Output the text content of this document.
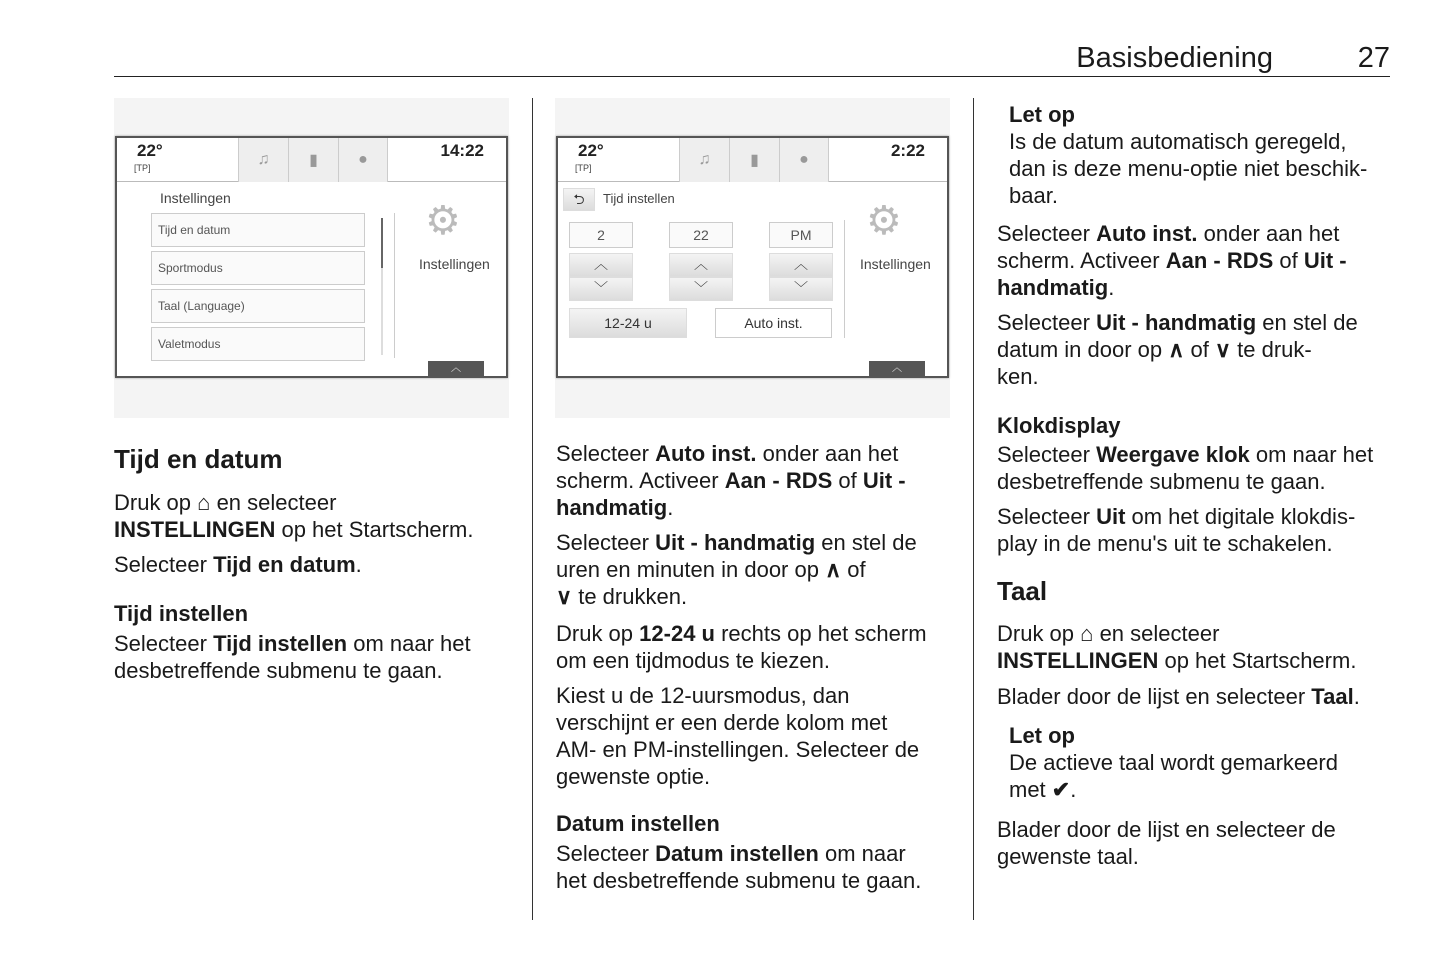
Basisbediening	27
22°
[TP]	♫	▮	●	14:22
Instellingen
Tijd en datum
Sportmodus
Taal (Language)
Valetmodus
⚙
Instellingen
︿
22°
[TP]	♫	▮	●	2:22
⮌	Tijd instellen
2	22	PM
︿
﹀
︿
﹀
︿
﹀
12-24 u	Auto inst.
⚙
Instellingen
︿
Tijd en datum
Druk op ⌂ en selecteer
INSTELLINGEN op het Startscherm.
Selecteer Tijd en datum.
Tijd instellen
Selecteer Tijd instellen om naar het
desbetreffende submenu te gaan.
Selecteer Auto inst. onder aan het
scherm. Activeer Aan - RDS of Uit -
handmatig.
Selecteer Uit - handmatig en stel de
uren en minuten in door op ∧ of
∨ te drukken.
Druk op 12-24 u rechts op het scherm
om een tijdmodus te kiezen.
Kiest u de 12-uursmodus, dan
verschijnt er een derde kolom met
AM- en PM-instellingen. Selecteer de
gewenste optie.
Datum instellen
Selecteer Datum instellen om naar
het desbetreffende submenu te gaan.
Let op
Is de datum automatisch geregeld,
dan is deze menu-optie niet beschik-
baar.
Selecteer Auto inst. onder aan het
scherm. Activeer Aan - RDS of Uit -
handmatig.
Selecteer Uit - handmatig en stel de
datum in door op ∧ of ∨ te druk-
ken.
Klokdisplay
Selecteer Weergave klok om naar het
desbetreffende submenu te gaan.
Selecteer Uit om het digitale klokdis-
play in de menu's uit te schakelen.
Taal
Druk op ⌂ en selecteer
INSTELLINGEN op het Startscherm.
Blader door de lijst en selecteer Taal.
Let op
De actieve taal wordt gemarkeerd
met ✔.
Blader door de lijst en selecteer de
gewenste taal.
